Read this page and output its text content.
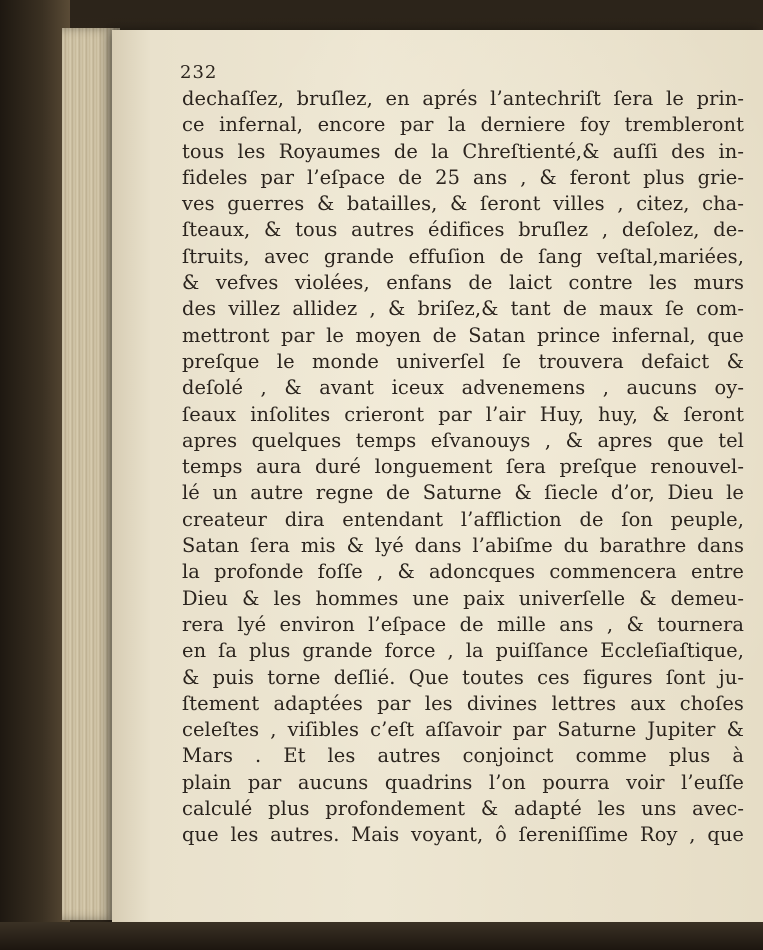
232
dechaſſez, bruſlez, en aprés l’antechriſt ſera le prin-
ce infernal, encore par la derniere foy trembleront
tous les Royaumes de la Chreſtienté,& auſſi des in-
fideles par l’eſpace de 25 ans , & feront plus grie-
ves guerres & batailles, & ſeront villes , citez, cha-
ſteaux, & tous autres édifices bruſlez , deſolez, de-
ſtruits, avec grande effuſion de ſang veſtal,mariées,
& vefves violées, enfans de laict contre les murs
des villez allidez , & briſez,& tant de maux ſe com-
mettront par le moyen de Satan prince infernal, que
preſque le monde univerſel ſe trouvera defaict &
deſolé , & avant iceux advenemens , aucuns oy-
ſeaux inſolites crieront par l’air Huy, huy, & ſeront
apres quelques temps eſvanouys , & apres que tel
temps aura duré longuement ſera preſque renouvel-
lé un autre regne de Saturne & ſiecle d’or, Dieu le
createur dira entendant l’affliction de ſon peuple,
Satan ſera mis & lyé dans l’abiſme du barathre dans
la profonde foſſe , & adoncques commencera entre
Dieu & les hommes une paix univerſelle & demeu-
rera lyé environ l’eſpace de mille ans , & tournera
en ſa plus grande force , la puiſſance Eccleſiaſtique,
& puis torne deſlié. Que toutes ces figures ſont ju-
ſtement adaptées par les divines lettres aux choſes
celeſtes , viſibles c’eſt aſſavoir par Saturne Jupiter &
Mars . Et les autres conjoinct comme plus à
plain par aucuns quadrins l’on pourra voir l’euſſe
calculé plus profondement & adapté les uns avec-
que les autres. Mais voyant, ô ſereniſſime Roy , que
